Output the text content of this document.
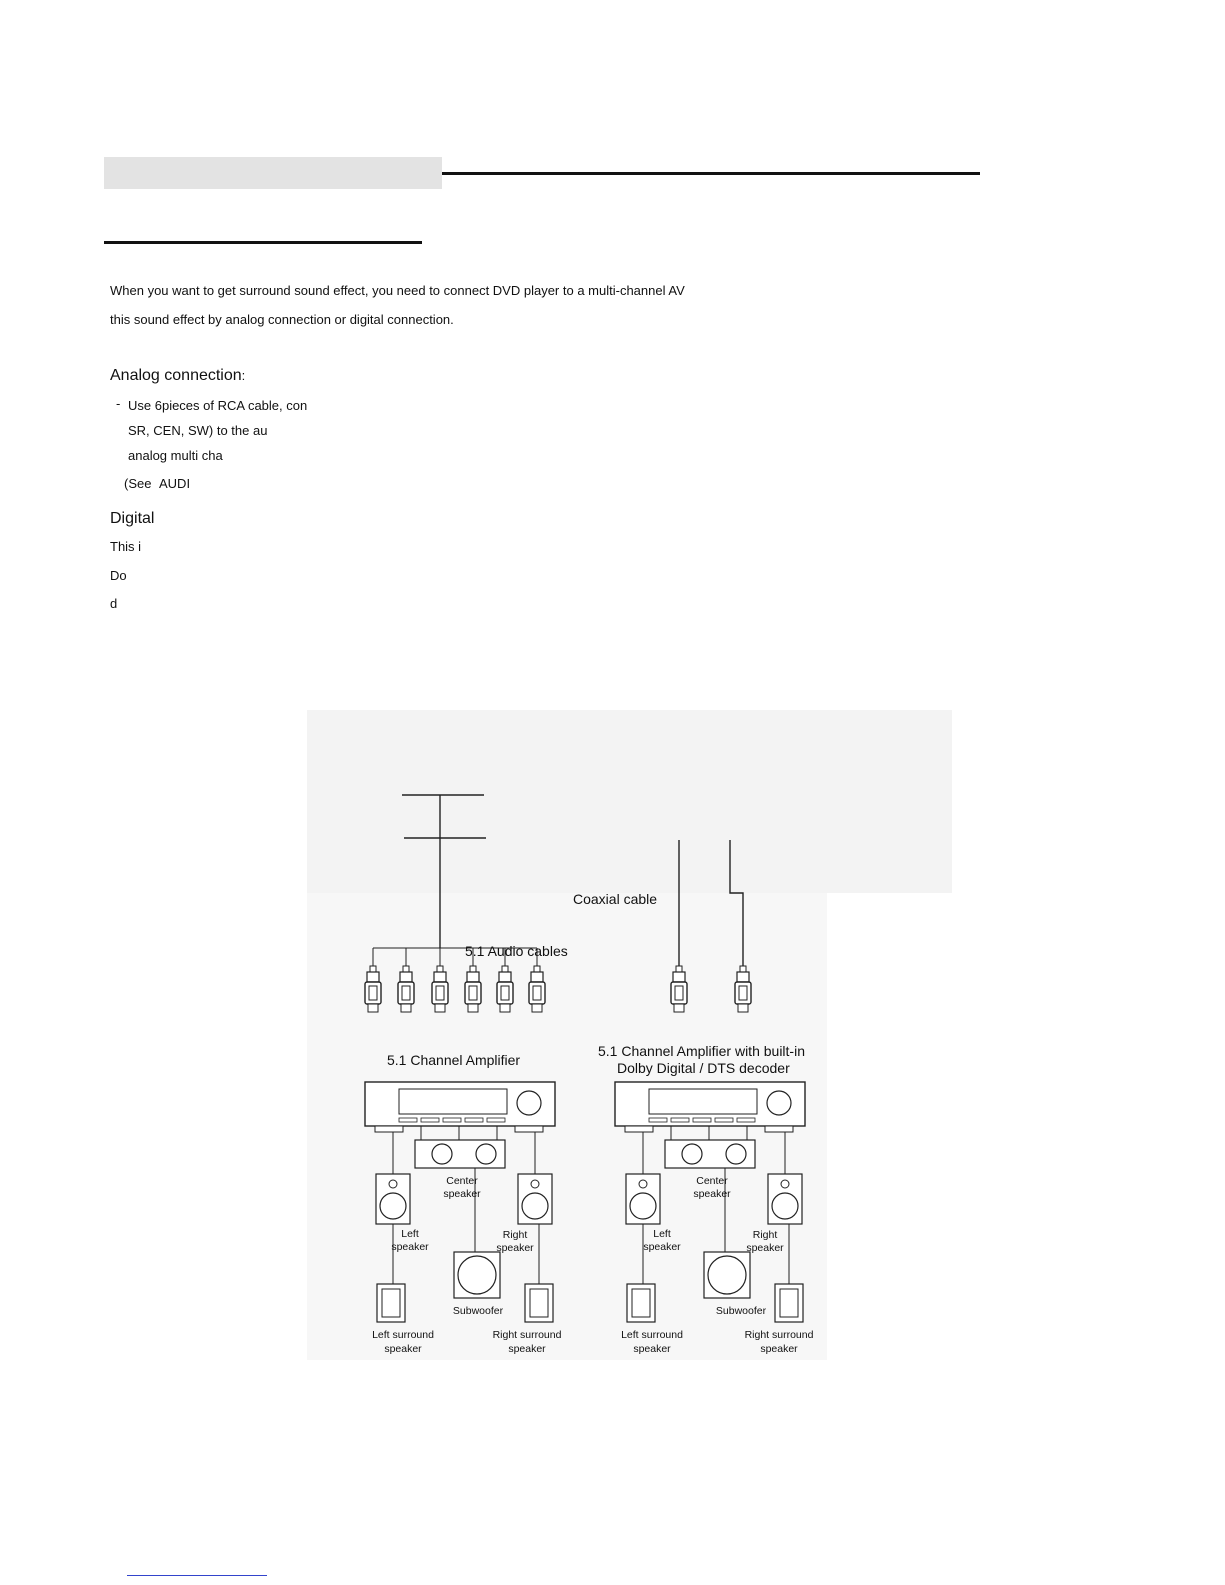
When you want to get surround sound effect, you need to connect DVD player to a multi-channel AV
this sound effect by analog connection or digital connection.
Analog connection:
- Use 6pieces of RCA cable, con
SR, CEN, SW) to the au
analog multi cha
(See AUDI
Digital
This i
Do
d
Coaxial cable
5.1 Audio cables
5.1 Channel Amplifier
5.1 Channel Amplifier with built-in
Dolby Digital / DTS decoder
Center
speaker
Left
speaker
Right
speaker
Subwoofer
Left surround
speaker
Right surround
speaker
Center
speaker
Left
speaker
Right
speaker
Subwoofer
Left surround
speaker
Right surround
speaker
